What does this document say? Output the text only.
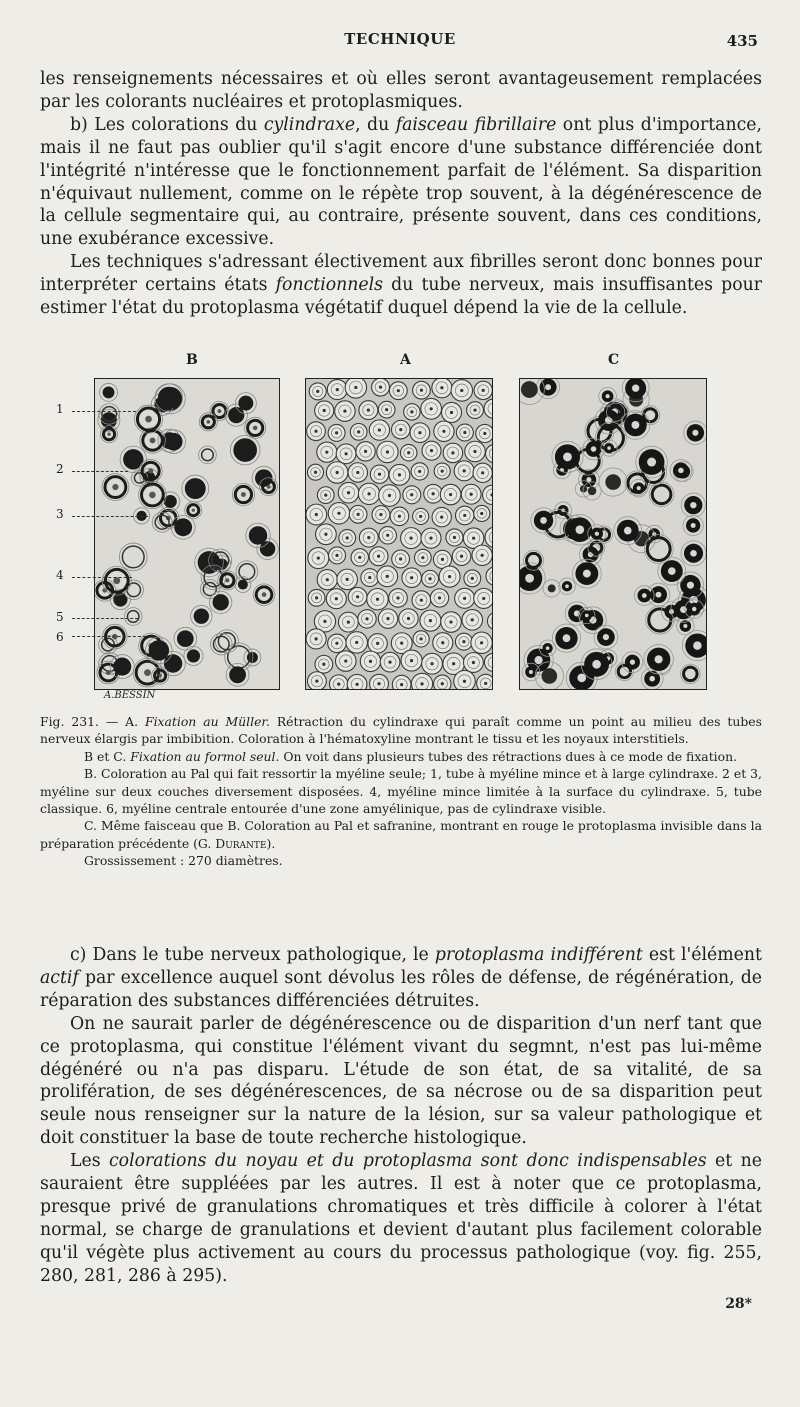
TECHNIQUE	435

les renseignements nécessaires et où elles seront avantageusement remplacées par les colorants nucléaires et protoplasmiques.

b) Les colorations du cylindraxe, du faisceau fibrillaire ont plus d'importance, mais il ne faut pas oublier qu'il s'agit encore d'une substance différenciée dont l'intégrité n'intéresse que le fonctionnement parfait de l'élément. Sa disparition n'équivaut nullement, comme on le répète trop souvent, à la dégénérescence de la cellule segmentaire qui, au contraire, présente souvent, dans ces conditions, une exubérance excessive.

Les techniques s'adressant électivement aux fibrilles seront donc bonnes pour interpréter certains états fonctionnels du tube nerveux, mais insuffisantes pour estimer l'état du protoplasma végétatif duquel dépend la vie de la cellule.

B	A	C
1
2
3
4
5
6
A.BESSIN

Fig. 231. — A. Fixation au Müller. Rétraction du cylindraxe qui paraît comme un point au milieu des tubes nerveux élargis par imbibition. Coloration à l'hématoxyline montrant le tissu et les noyaux interstitiels.

B et C. Fixation au formol seul. On voit dans plusieurs tubes des rétractions dues à ce mode de fixation.

B. Coloration au Pal qui fait ressortir la myéline seule; 1, tube à myéline mince et à large cylindraxe. 2 et 3, myéline sur deux couches diversement disposées. 4, myéline mince limitée à la surface du cylindraxe. 5, tube classique. 6, myéline centrale entourée d'une zone amyélinique, pas de cylindraxe visible.

C. Même faisceau que B. Coloration au Pal et safranine, montrant en rouge le protoplasma invisible dans la préparation précédente (G. Durante).

Grossissement : 270 diamètres.

c) Dans le tube nerveux pathologique, le protoplasma indifférent est l'élément actif par excellence auquel sont dévolus les rôles de défense, de régénération, de réparation des substances différenciées détruites.

On ne saurait parler de dégénérescence ou de disparition d'un nerf tant que ce protoplasma, qui constitue l'élément vivant du segmnt, n'est pas lui-même dégénéré ou n'a pas disparu. L'étude de son état, de sa vitalité, de sa prolifération, de ses dégénérescences, de sa nécrose ou de sa disparition peut seule nous renseigner sur la nature de la lésion, sur sa valeur pathologique et doit constituer la base de toute recherche histologique.

Les colorations du noyau et du protoplasma sont donc indispensables et ne sauraient être suppléées par les autres. Il est à noter que ce protoplasma, presque privé de granulations chromatiques et très difficile à colorer à l'état normal, se charge de granulations et devient d'autant plus facilement colorable qu'il végète plus activement au cours du processus pathologique (voy. fig. 255, 280, 281, 286 à 295).

28*
